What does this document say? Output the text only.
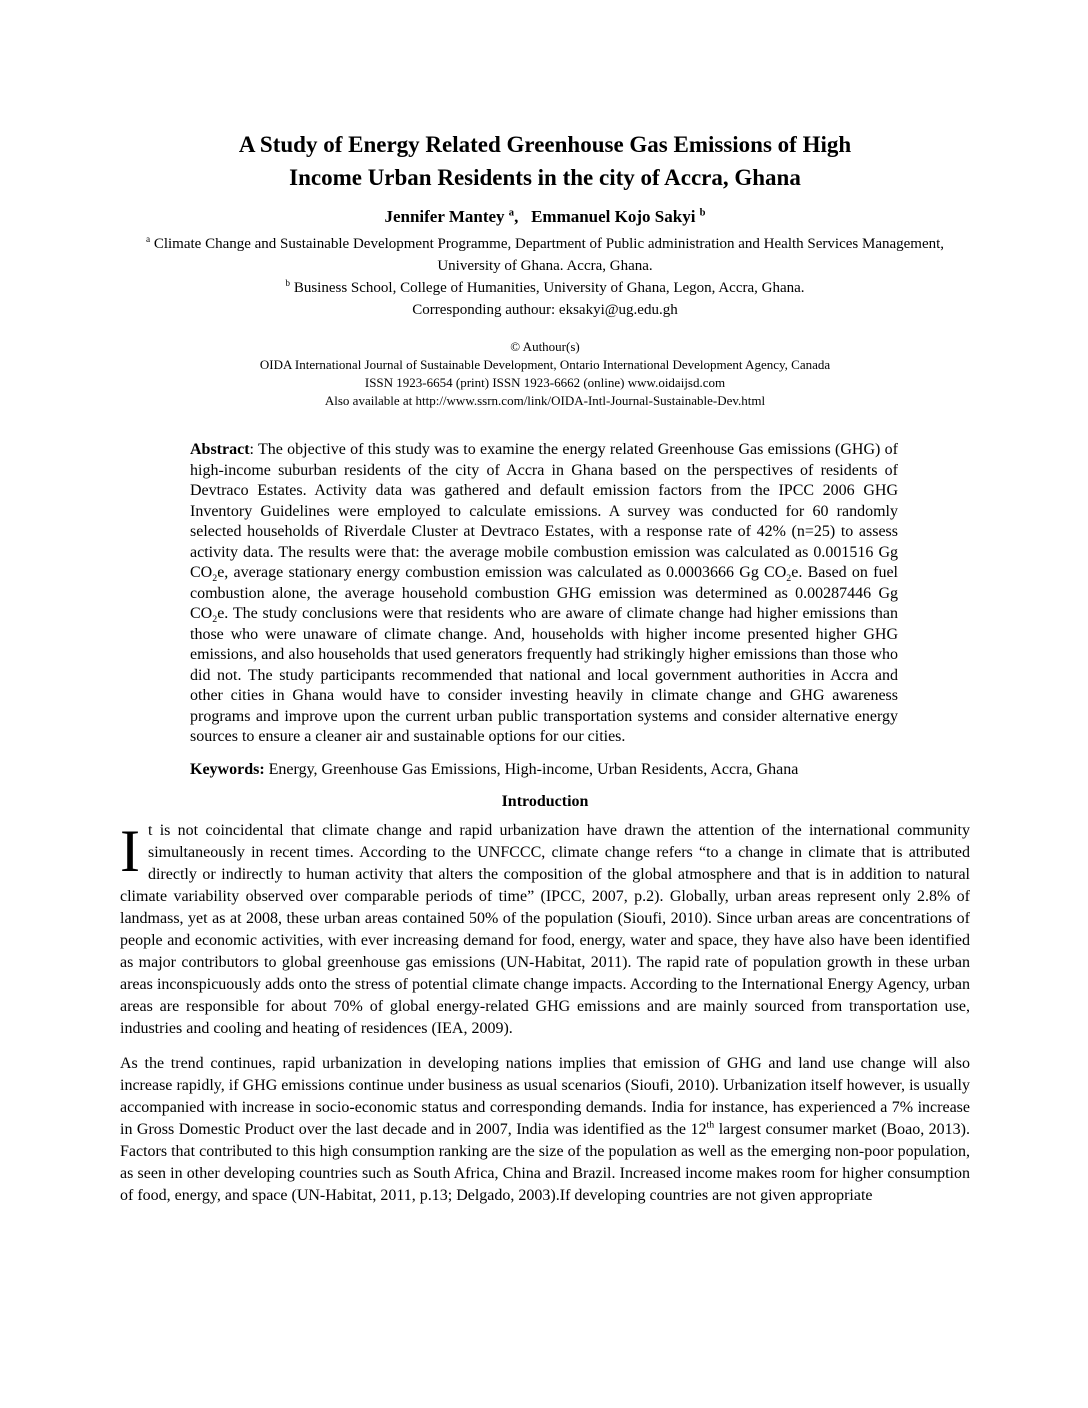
A Study of Energy Related Greenhouse Gas Emissions of High
Income Urban Residents in the city of Accra, Ghana
Jennifer Mantey $^a$,   Emmanuel Kojo Sakyi $^b$
$^a$ Climate Change and Sustainable Development Programme, Department of Public administration and Health Services Management, University of Ghana. Accra, Ghana.
$^b$ Business School, College of Humanities, University of Ghana, Legon, Accra, Ghana.
Corresponding authour: eksakyi@ug.edu.gh
© Authour(s)
OIDA International Journal of Sustainable Development, Ontario International Development Agency, Canada
ISSN 1923-6654 (print) ISSN 1923-6662 (online) www.oidaijsd.com
Also available at http://www.ssrn.com/link/OIDA-Intl-Journal-Sustainable-Dev.html
Abstract: The objective of this study was to examine the energy related Greenhouse Gas emissions (GHG) of high-income suburban residents of the city of Accra in Ghana based on the perspectives of residents of Devtraco Estates. Activity data was gathered and default emission factors from the IPCC 2006 GHG Inventory Guidelines were employed to calculate emissions. A survey was conducted for 60 randomly selected households of Riverdale Cluster at Devtraco Estates, with a response rate of 42% (n=25) to assess activity data. The results were that: the average mobile combustion emission was calculated as 0.001516 Gg $CO_2e$, average stationary energy combustion emission was calculated as 0.0003666 Gg $CO_2e$. Based on fuel combustion alone, the average household combustion GHG emission was determined as 0.00287446 Gg $CO_2e$. The study conclusions were that residents who are aware of climate change had higher emissions than those who were unaware of climate change. And, households with higher income presented higher GHG emissions, and also households that used generators frequently had strikingly higher emissions than those who did not. The study participants recommended that national and local government authorities in Accra and other cities in Ghana would have to consider investing heavily in climate change and GHG awareness programs and improve upon the current urban public transportation systems and consider alternative energy sources to ensure a cleaner air and sustainable options for our cities.
Keywords: Energy, Greenhouse Gas Emissions, High-income, Urban Residents, Accra, Ghana
Introduction
It is not coincidental that climate change and rapid urbanization have drawn the attention of the international community simultaneously in recent times. According to the UNFCCC, climate change refers “to a change in climate that is attributed directly or indirectly to human activity that alters the composition of the global atmosphere and that is in addition to natural climate variability observed over comparable periods of time” (IPCC, 2007, p.2). Globally, urban areas represent only 2.8% of landmass, yet as at 2008, these urban areas contained 50% of the population (Sioufi, 2010). Since urban areas are concentrations of people and economic activities, with ever increasing demand for food, energy, water and space, they have also have been identified as major contributors to global greenhouse gas emissions (UN-Habitat, 2011). The rapid rate of population growth in these urban areas inconspicuously adds onto the stress of potential climate change impacts. According to the International Energy Agency, urban areas are responsible for about 70% of global energy-related GHG emissions and are mainly sourced from transportation use, industries and cooling and heating of residences (IEA, 2009).
As the trend continues, rapid urbanization in developing nations implies that emission of GHG and land use change will also increase rapidly, if GHG emissions continue under business as usual scenarios (Sioufi, 2010). Urbanization itself however, is usually accompanied with increase in socio-economic status and corresponding demands. India for instance, has experienced a 7% increase in Gross Domestic Product over the last decade and in 2007, India was identified as the 12th largest consumer market (Boao, 2013). Factors that contributed to this high consumption ranking are the size of the population as well as the emerging non-poor population, as seen in other developing countries such as South Africa, China and Brazil. Increased income makes room for higher consumption of food, energy, and space (UN-Habitat, 2011, p.13; Delgado, 2003).If developing countries are not given appropriate
